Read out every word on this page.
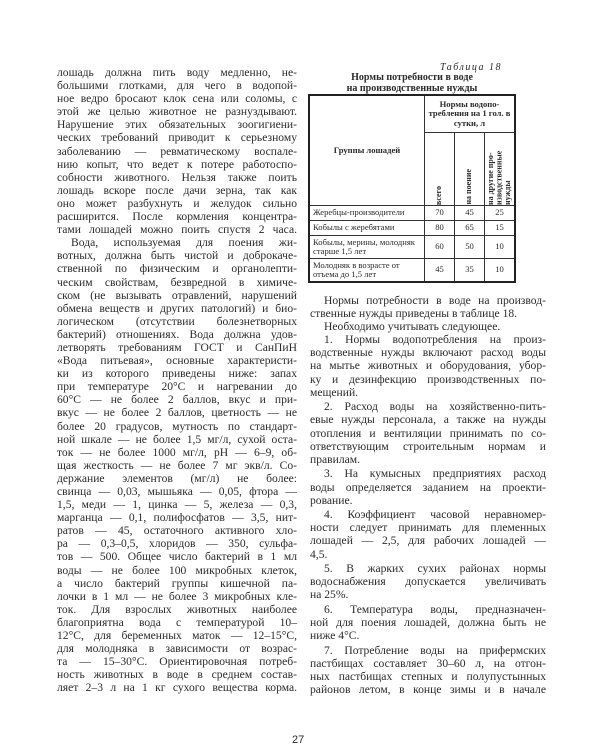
лошадь должна пить воду медленно, не-
большими глотками, для чего в водопой-
ное ведро бросают клок сена или соломы, с
этой же целью животное не разнуздывают.
Нарушение этих обязательных зоогигиени-
ческих требований приводит к серьезному
заболеванию — ревматическому воспале-
нию копыт, что ведет к потере работоспо-
собности животного. Нельзя также поить
лошадь вскоре после дачи зерна, так как
оно может разбухнуть и желудок сильно
расширится. После кормления концентра-
тами лошадей можно поить спустя 2 часа.
Вода, используемая для поения жи-
вотных, должна быть чистой и доброкаче-
ственной по физическим и органолепти-
ческим свойствам, безвредной в химиче-
ском (не вызывать отравлений, нарушений
обмена веществ и других патологий) и био-
логическом (отсутствии болезнетворных
бактерий) отношениях. Вода должна удов-
летворять требованиям ГОСТ и СанПиН
«Вода питьевая», основные характеристи-
ки из которого приведены ниже: запах
при температуре 20°С и нагревании до
60°С — не более 2 баллов, вкус и при-
вкус — не более 2 баллов, цветность — не
более 20 градусов, мутность по стандарт-
ной шкале — не более 1,5 мг/л, сухой оста-
ток — не более 1000 мг/л, рН — 6–9, об-
щая жесткость — не более 7 мг экв/л. Со-
держание элементов (мг/л) не более:
свинца — 0,03, мышьяка — 0,05, фтора —
1,5, меди — 1, цинка — 5, железа — 0,3,
марганца — 0,1, полифосфатов — 3,5, нит-
ратов — 45, остаточного активного хло-
ра — 0,3–0,5, хлоридов — 350, сульфа-
тов — 500. Общее число бактерий в 1 мл
воды — не более 100 микробных клеток,
а число бактерий группы кишечной па-
лочки в 1 мл — не более 3 микробных кле-
ток. Для взрослых животных наиболее
благоприятна вода с температурой 10–
12°С, для беременных маток — 12–15°С,
для молодняка в зависимости от возрас-
та — 15–30°С. Ориентировочная потреб-
ность животных в воде в среднем состав-
ляет 2–3 л на 1 кг сухого вещества корма.
Таблица 18
Нормы потребности в воде
на производственные нужды
Группы лошадей	Нормы водопо-требления на 1 гол. в сутки, л		

	всего	на поение	на другие про-изводственные нужды

Жеребцы-производители	70	45	25
Кобылы с жеребятами	80	65	15
Кобылы, мерины, молодняк старше 1,5 лет	60	50	10
Молодняк в возрасте от отъема до 1,5 лет	45	35	10
Нормы потребности в воде на производ-
ственные нужды приведены в таблице 18.
Необходимо учитывать следующее.
1. Нормы водопотребления на произ-
водственные нужды включают расход воды
на мытье животных и оборудования, убор-
ку и дезинфекцию производственных по-
мещений.
2. Расход воды на хозяйственно-пить-
евые нужды персонала, а также на нужды
отопления и вентиляции принимать по со-
ответствующим строительным нормам и
правилам.
3. На кумысных предприятиях расход
воды определяется заданием на проекти-
рование.
4. Коэффициент часовой неравномер-
ности следует принимать для племенных
лошадей — 2,5, для рабочих лошадей —
4,5.
5. В жарких сухих районах нормы
водоснабжения допускается увеличивать
на 25%.
6. Температура воды, предназначен-
ной для поения лошадей, должна быть не
ниже 4°С.
7. Потребление воды на прифермских
пастбищах составляет 30–60 л, на отгон-
ных пастбищах степных и полупустынных
районов летом, в конце зимы и в начале
27
